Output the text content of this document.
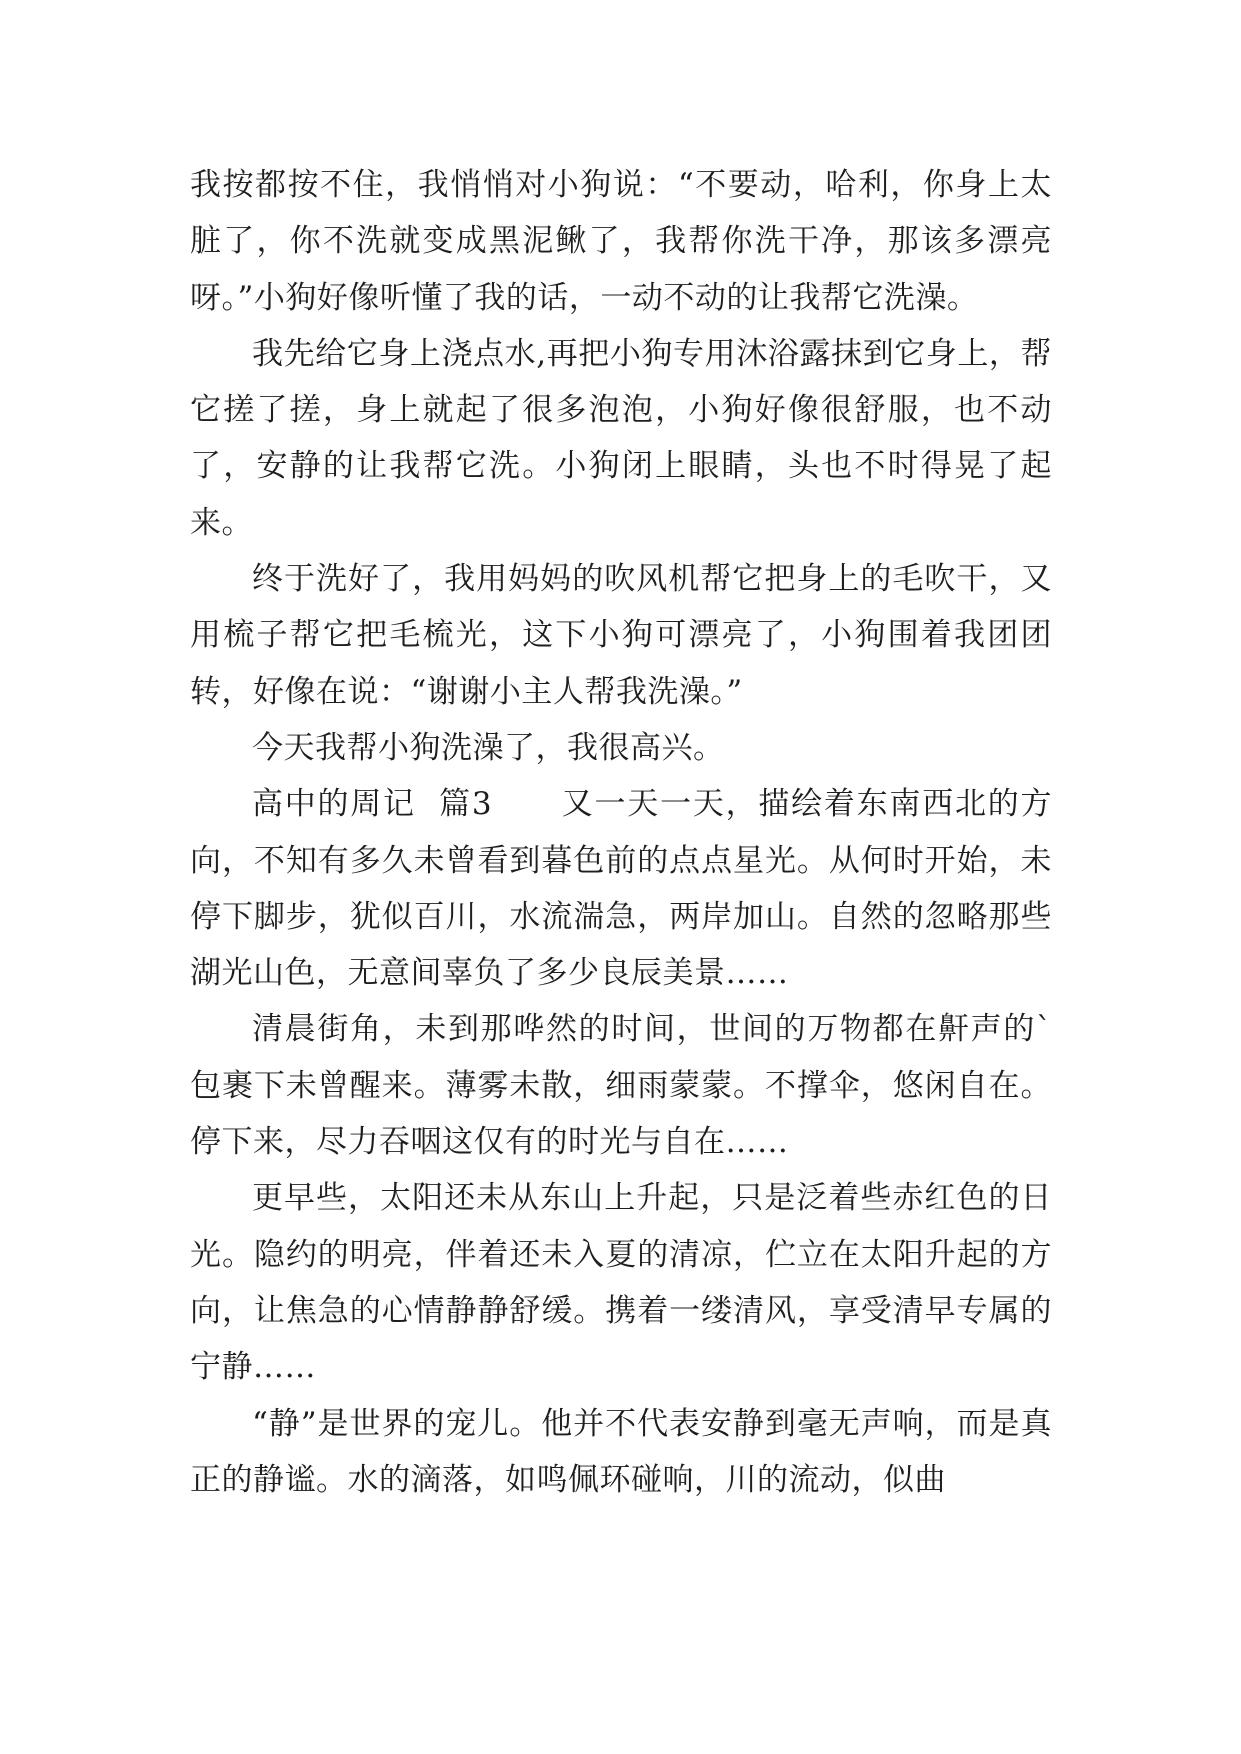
我按都按不住，我悄悄对小狗说：“不要动，哈利，你身上太脏了，你不洗就变成黑泥鳅了，我帮你洗干净，那该多漂亮呀。”小狗好像听懂了我的话，一动不动的让我帮它洗澡。

我先给它身上浇点水,再把小狗专用沐浴露抹到它身上，帮它搓了搓，身上就起了很多泡泡，小狗好像很舒服，也不动了，安静的让我帮它洗。小狗闭上眼睛，头也不时得晃了起来。

终于洗好了，我用妈妈的吹风机帮它把身上的毛吹干，又用梳子帮它把毛梳光，这下小狗可漂亮了，小狗围着我团团转，好像在说：“谢谢小主人帮我洗澡。”

今天我帮小狗洗澡了，我很高兴。

高中的周记  篇3      又一天一天，描绘着东南西北的方向，不知有多久未曾看到暮色前的点点星光。从何时开始，未停下脚步，犹似百川，水流湍急，两岸加山。自然的忽略那些湖光山色，无意间辜负了多少良辰美景……

清晨街角，未到那哗然的时间，世间的万物都在鼾声的`包裹下未曾醒来。薄雾未散，细雨蒙蒙。不撑伞，悠闲自在。停下来，尽力吞咽这仅有的时光与自在……

更早些，太阳还未从东山上升起，只是泛着些赤红色的日光。隐约的明亮，伴着还未入夏的清凉，伫立在太阳升起的方向，让焦急的心情静静舒缓。携着一缕清风，享受清早专属的宁静……

“静”是世界的宠儿。他并不代表安静到毫无声响，而是真正的静谧。水的滴落，如鸣佩环碰响，川的流动，似曲
